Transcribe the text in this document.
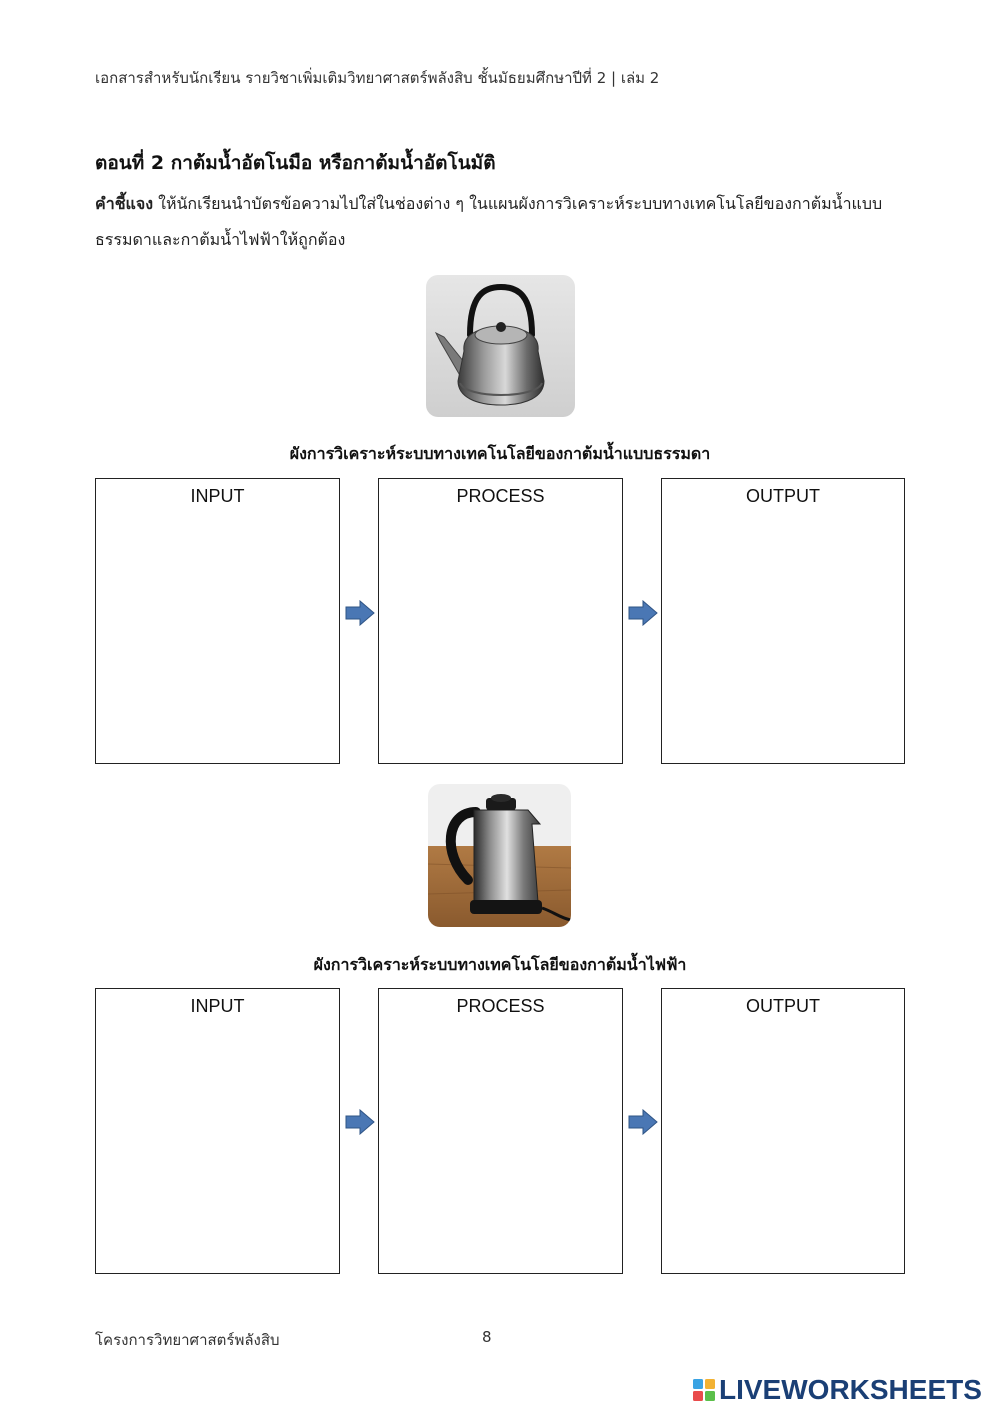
เอกสารสำหรับนักเรียน รายวิชาเพิ่มเติมวิทยาศาสตร์พลังสิบ ชั้นมัธยมศึกษาปีที่ 2 | เล่ม 2
ตอนที่ 2 กาต้มน้ำอัตโนมือ หรือกาต้มน้ำอัตโนมัติ
คำชี้แจง ให้นักเรียนนำบัตรข้อความไปใส่ในช่องต่าง ๆ ในแผนผังการวิเคราะห์ระบบทางเทคโนโลยีของกาต้มน้ำแบบธรรมดาและกาต้มน้ำไฟฟ้าให้ถูกต้อง
ผังการวิเคราะห์ระบบทางเทคโนโลยีของกาต้มน้ำแบบธรรมดา
INPUT	PROCESS	OUTPUT
ผังการวิเคราะห์ระบบทางเทคโนโลยีของกาต้มน้ำไฟฟ้า
INPUT	PROCESS	OUTPUT
โครงการวิทยาศาสตร์พลังสิบ	8
LIVEWORKSHEETS
